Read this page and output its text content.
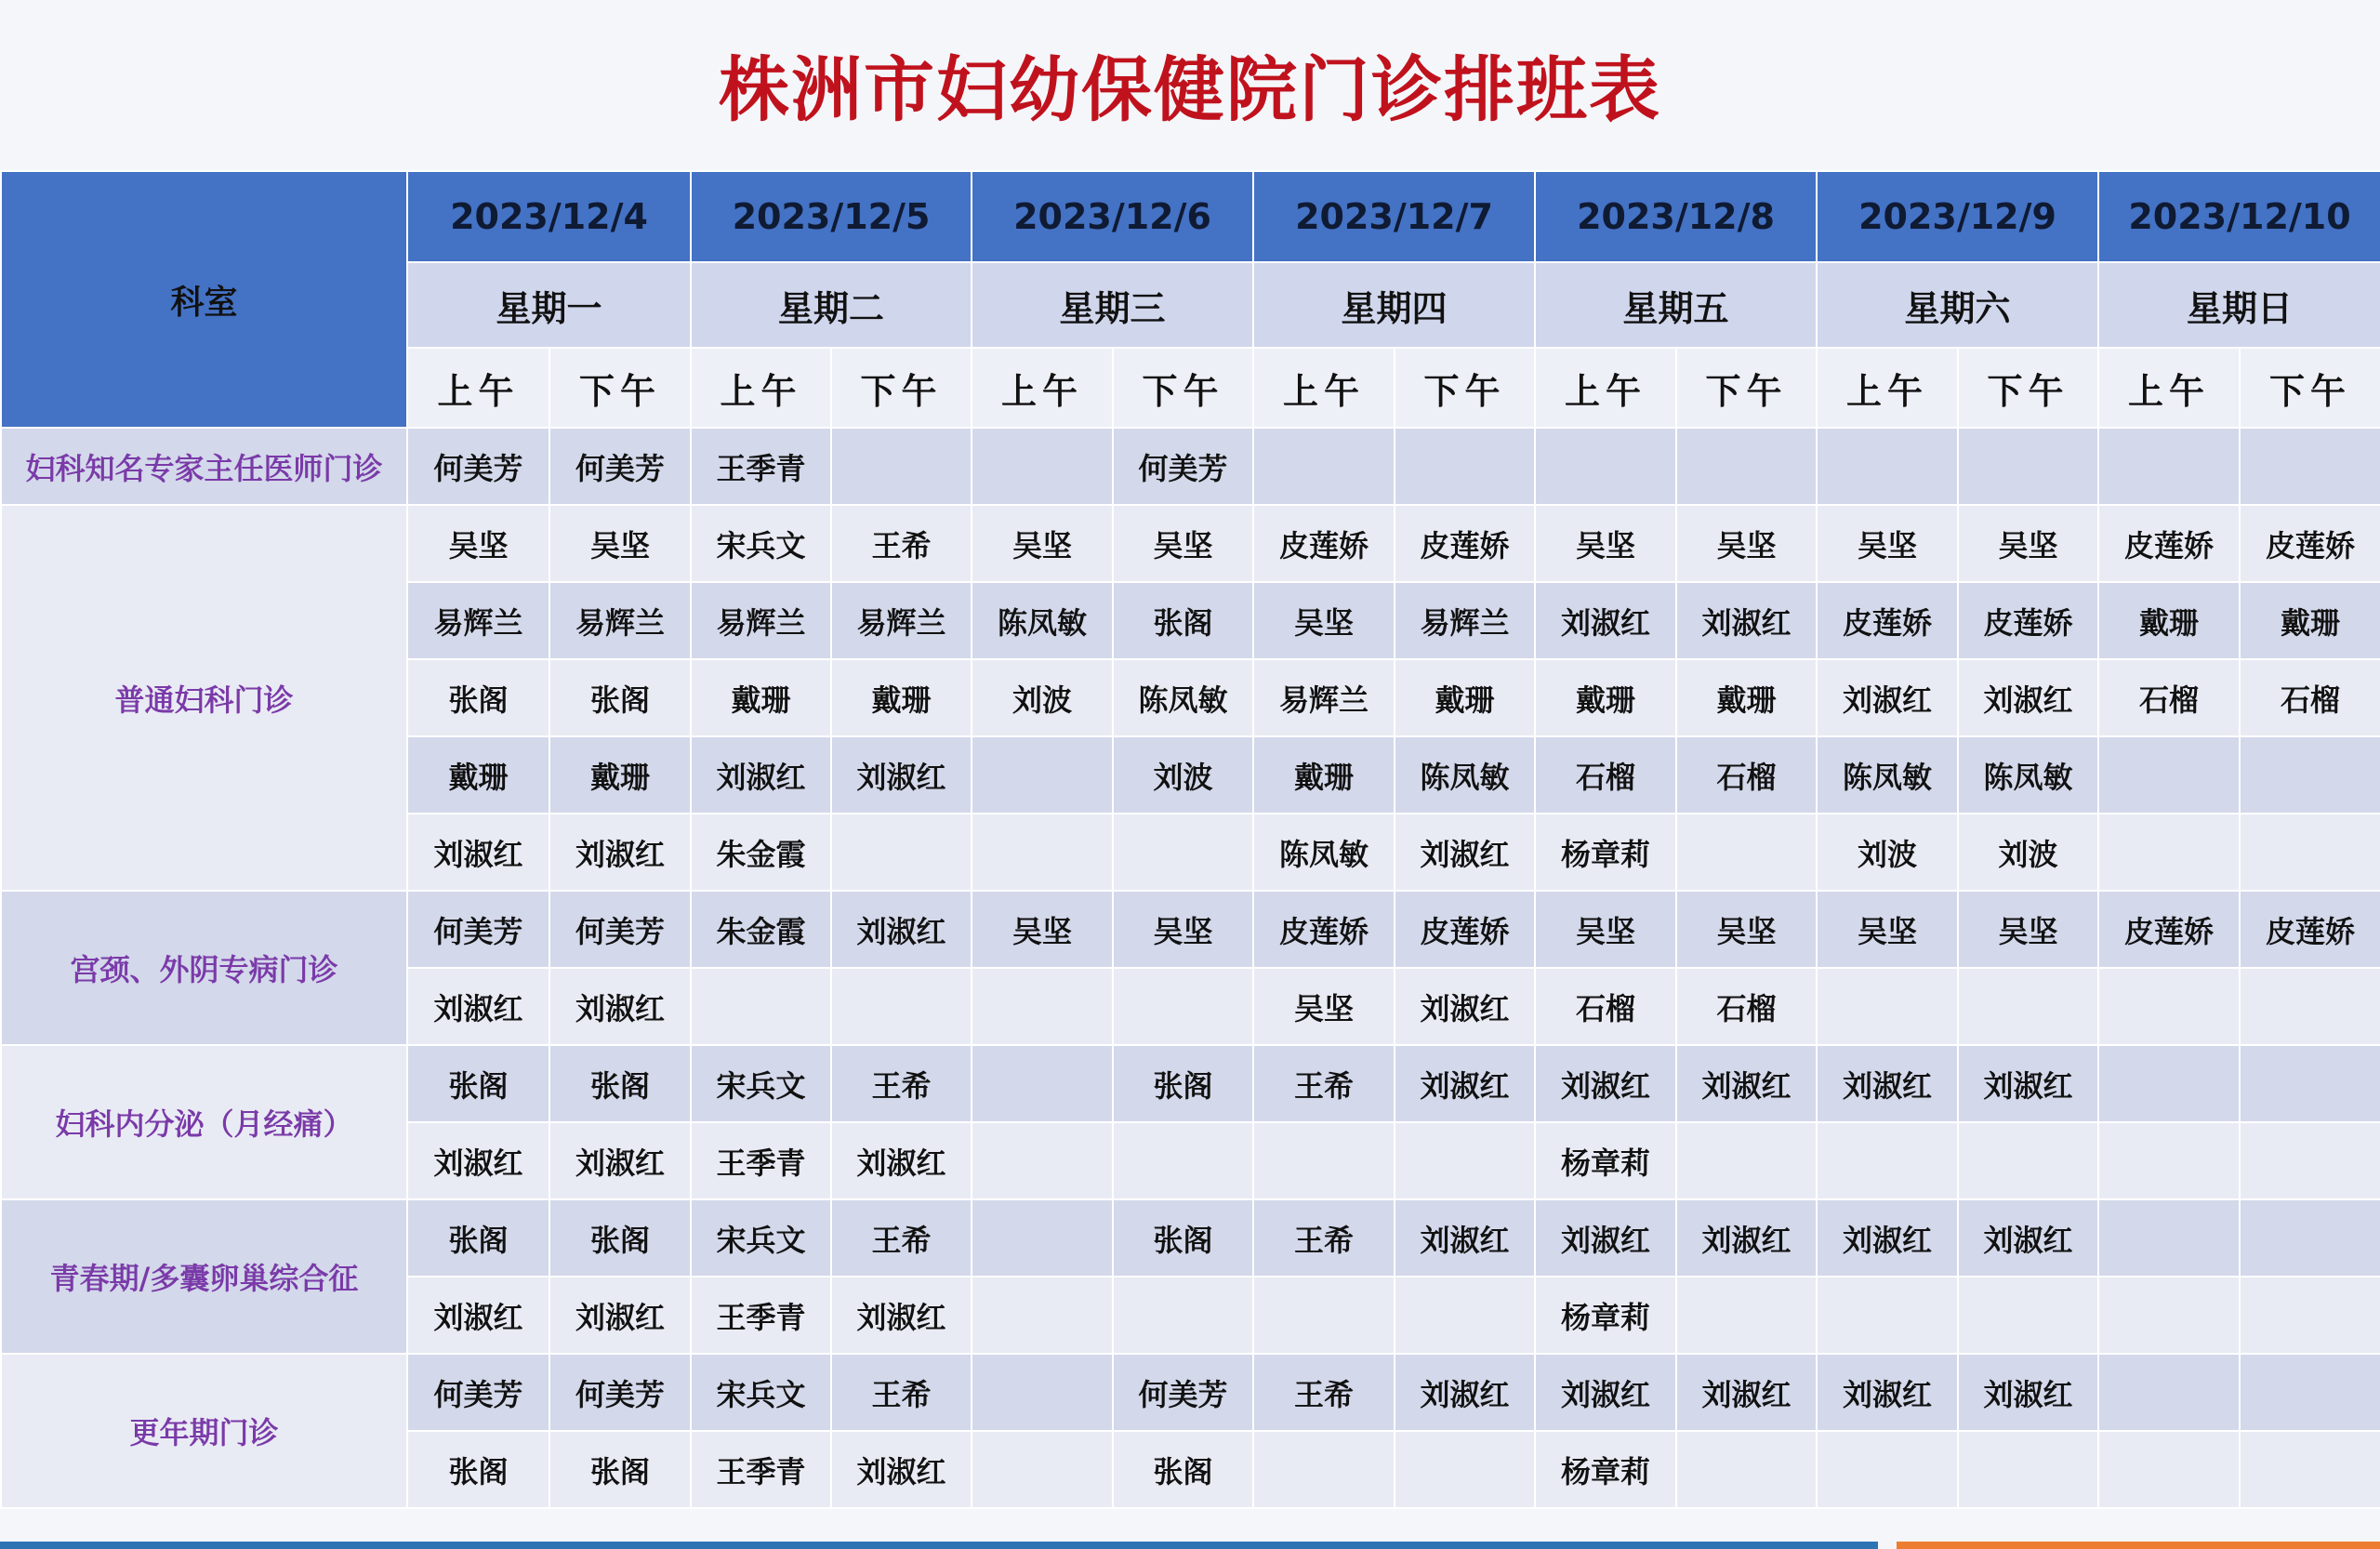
株洲市妇幼保健院门诊排班表
科室	2023/12/4		2023/12/5		2023/12/6		2023/12/7		2023/12/8		2023/12/9		2023/12/10	
	星期一		星期二		星期三		星期四		星期五		星期六		星期日	
	上午	下午	上午	下午	上午	下午	上午	下午	上午	下午	上午	下午	上午	下午
妇科知名专家主任医师门诊	何美芳	何美芳	王季青			何美芳								
普通妇科门诊	吴坚	吴坚	宋兵文	王希	吴坚	吴坚	皮莲娇	皮莲娇	吴坚	吴坚	吴坚	吴坚	皮莲娇	皮莲娇
	易辉兰	易辉兰	易辉兰	易辉兰	陈凤敏	张阁	吴坚	易辉兰	刘淑红	刘淑红	皮莲娇	皮莲娇	戴珊	戴珊
	张阁	张阁	戴珊	戴珊	刘波	陈凤敏	易辉兰	戴珊	戴珊	戴珊	刘淑红	刘淑红	石榴	石榴
	戴珊	戴珊	刘淑红	刘淑红		刘波	戴珊	陈凤敏	石榴	石榴	陈凤敏	陈凤敏		
	刘淑红	刘淑红	朱金霞				陈凤敏	刘淑红	杨章莉		刘波	刘波		
宫颈、外阴专病门诊	何美芳	何美芳	朱金霞	刘淑红	吴坚	吴坚	皮莲娇	皮莲娇	吴坚	吴坚	吴坚	吴坚	皮莲娇	皮莲娇
	刘淑红	刘淑红					吴坚	刘淑红	石榴	石榴				
妇科内分泌（月经痛）	张阁	张阁	宋兵文	王希		张阁	王希	刘淑红	刘淑红	刘淑红	刘淑红	刘淑红		
	刘淑红	刘淑红	王季青	刘淑红					杨章莉					
青春期/多囊卵巢综合征	张阁	张阁	宋兵文	王希		张阁	王希	刘淑红	刘淑红	刘淑红	刘淑红	刘淑红		
	刘淑红	刘淑红	王季青	刘淑红					杨章莉					
更年期门诊	何美芳	何美芳	宋兵文	王希		何美芳	王希	刘淑红	刘淑红	刘淑红	刘淑红	刘淑红		
	张阁	张阁	王季青	刘淑红		张阁			杨章莉					
